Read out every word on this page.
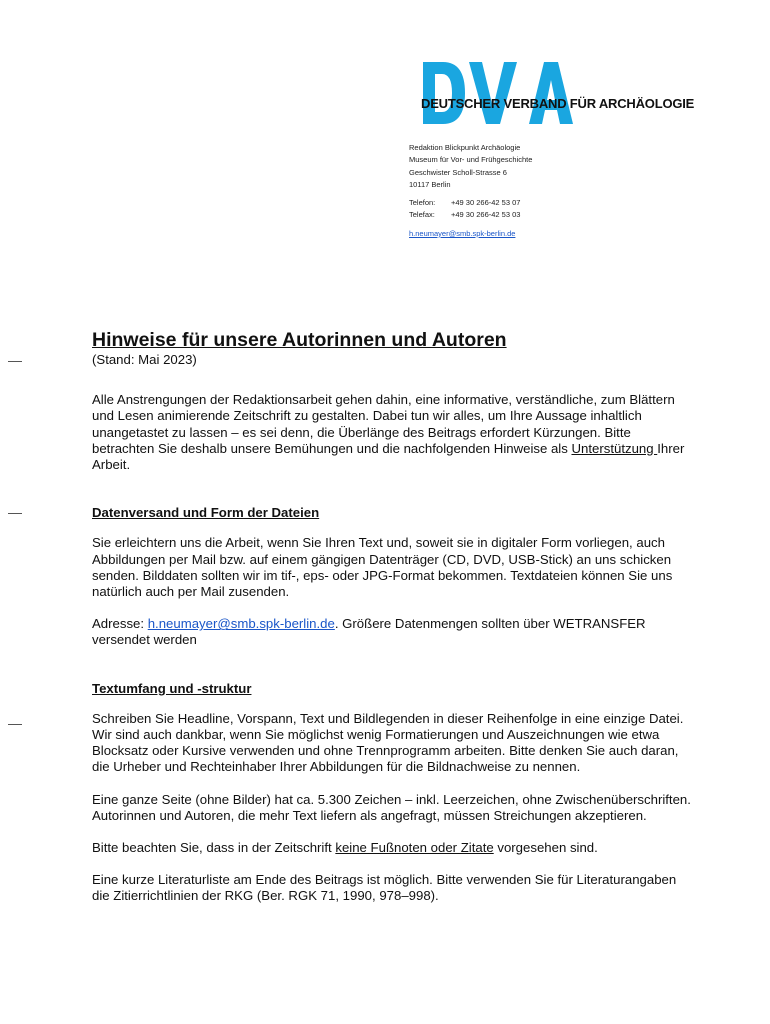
DEUTSCHER VERBAND FÜR ARCHÄOLOGIE
Redaktion Blickpunkt Archäologie
Museum für Vor- und Frühgeschichte
Geschwister Scholl-Strasse 6
10117 Berlin
Telefon: +49 30 266-42 53 07
Telefax: +49 30 266-42 53 03
h.neumayer@smb.spk-berlin.de
Hinweise für unsere Autorinnen und Autoren
(Stand: Mai 2023)

Alle Anstrengungen der Redaktionsarbeit gehen dahin, eine informative, verständliche, zum Blättern und Lesen animierende Zeitschrift zu gestalten. Dabei tun wir alles, um Ihre Aussage inhaltlich unangetastet zu lassen – es sei denn, die Überlänge des Beitrags erfordert Kürzungen. Bitte betrachten Sie deshalb unsere Bemühungen und die nachfolgenden Hinweise als Unterstützung Ihrer Arbeit.

Datenversand und Form der Dateien

Sie erleichtern uns die Arbeit, wenn Sie Ihren Text und, soweit sie in digitaler Form vorliegen, auch Abbildungen per Mail bzw. auf einem gängigen Datenträger (CD, DVD, USB-Stick) an uns schicken senden. Bilddaten sollten wir im tif-, eps- oder JPG-Format bekommen. Textdateien können Sie uns natürlich auch per Mail zusenden.

Adresse: h.neumayer@smb.spk-berlin.de. Größere Datenmengen sollten über WETRANSFER versendet werden

Textumfang und -struktur

Schreiben Sie Headline, Vorspann, Text und Bildlegenden in dieser Reihenfolge in eine einzige Datei. Wir sind auch dankbar, wenn Sie möglichst wenig Formatierungen und Auszeichnungen wie etwa Blocksatz oder Kursive verwenden und ohne Trennprogramm arbeiten. Bitte denken Sie auch daran, die Urheber und Rechteinhaber Ihrer Abbildungen für die Bildnachweise zu nennen.

Eine ganze Seite (ohne Bilder) hat ca. 5.300 Zeichen – inkl. Leerzeichen, ohne Zwischenüberschriften. Autorinnen und Autoren, die mehr Text liefern als angefragt, müssen Streichungen akzeptieren.

Bitte beachten Sie, dass in der Zeitschrift keine Fußnoten oder Zitate vorgesehen sind.

Eine kurze Literaturliste am Ende des Beitrags ist möglich. Bitte verwenden Sie für Literaturangaben die Zitierrichtlinien der RKG (Ber. RGK 71, 1990, 978–998).
